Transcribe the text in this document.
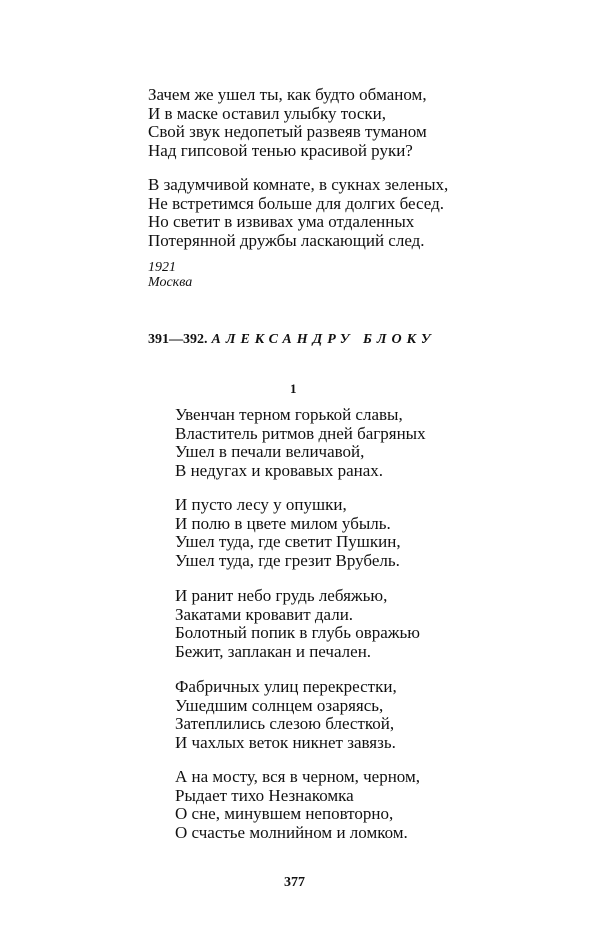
Зачем же ушел ты, как будто обманом,
И в маске оставил улыбку тоски,
Свой звук недопетый развеяв туманом
Над гипсовой тенью красивой руки?
В задумчивой комнате, в сукнах зеленых,
Не встретимся больше для долгих бесед.
Но светит в извивах ума отдаленных
Потерянной дружбы ласкающий след.
1921
Москва
391—392. АЛЕКСАНДРУ БЛОКУ
1
Увенчан терном горькой славы,
Властитель ритмов дней багряных
Ушел в печали величавой,
В недугах и кровавых ранах.
И пусто лесу у опушки,
И полю в цвете милом убыль.
Ушел туда, где светит Пушкин,
Ушел туда, где грезит Врубель.
И ранит небо грудь лебяжью,
Закатами кровавит дали.
Болотный попик в глубь овражью
Бежит, заплакан и печален.
Фабричных улиц перекрестки,
Ушедшим солнцем озаряясь,
Затеплились слезою блесткой,
И чахлых веток никнет завязь.
А на мосту, вся в черном, черном,
Рыдает тихо Незнакомка
О сне, минувшем неповторно,
О счастье молнийном и ломком.
377
